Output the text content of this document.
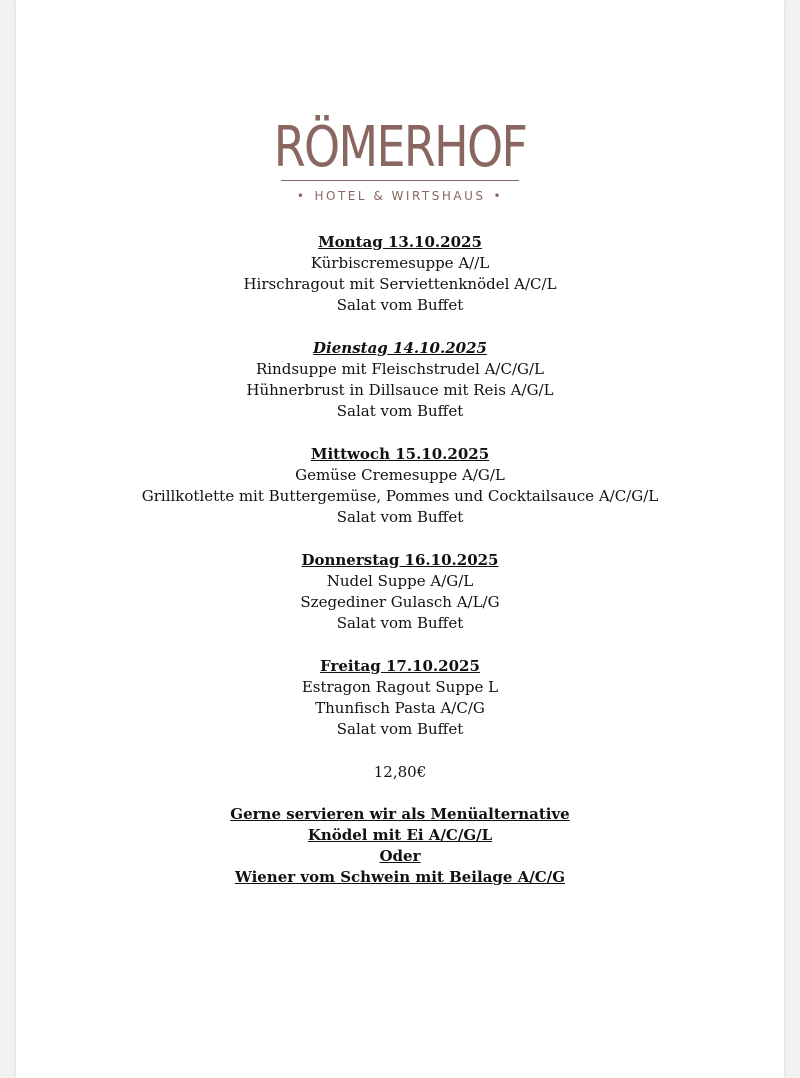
RÖMERHOF
• HOTEL & WIRTSHAUS •
Montag 13.10.2025
Kürbiscremesuppe A//L
Hirschragout mit Serviettenknödel A/C/L
Salat vom Buffet
Dienstag 14.10.2025
Rindsuppe mit Fleischstrudel A/C/G/L
Hühnerbrust in Dillsauce mit Reis A/G/L
Salat vom Buffet
Mittwoch 15.10.2025
Gemüse Cremesuppe A/G/L
Grillkotlette mit Buttergemüse, Pommes und Cocktailsauce A/C/G/L
Salat vom Buffet
Donnerstag 16.10.2025
Nudel Suppe A/G/L
Szegediner Gulasch A/L/G
Salat vom Buffet
Freitag 17.10.2025
Estragon Ragout Suppe L
Thunfisch Pasta A/C/G
Salat vom Buffet
12,80€
Gerne servieren wir als Menüalternative
Knödel mit Ei A/C/G/L
Oder
Wiener vom Schwein mit Beilage A/C/G
